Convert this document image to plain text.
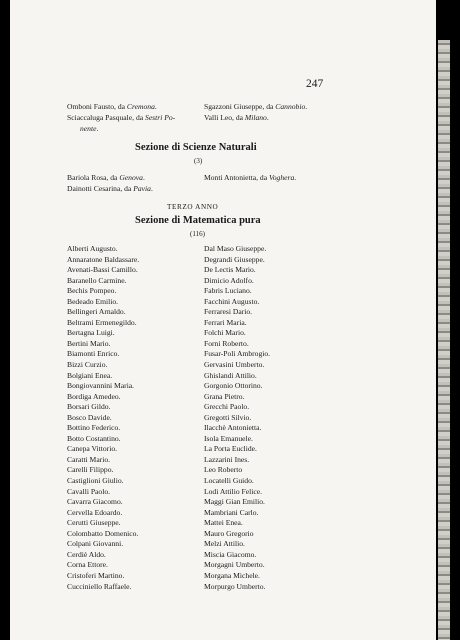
247
Omboni Fausto, da Cremona.
Sciaccaluga Pasquale, da Sestri Po-
nente.
Sgazzoni Giuseppe, da Cannobio.
Valli Leo, da Milano.
Sezione di Scienze Naturali
(3)
Bariola Rosa, da Genova.
Dainotti Cesarina, da Pavia.
Monti Antonietta, da Voghera.
TERZO ANNO
Sezione di Matematica pura
(116)
Alberti Augusto.
Annaratone Baldassare.
Avenati-Bassi Camillo.
Baranello Carmine.
Bechis Pompeo.
Bedeado Emilio.
Bellingeri Arnaldo.
Beltrami Ermenegildo.
Bertagna Luigi.
Bertini Mario.
Biamonti Enrico.
Bizzi Curzio.
Bolgiani Enea.
Bongiovannini Maria.
Bordiga Amedeo.
Borsari Gildo.
Bosco Davide.
Bottino Federico.
Botto Costantino.
Canepa Vittorio.
Caratti Mario.
Carelli Filippo.
Castiglioni Giulio.
Cavalli Paolo.
Cavarra Giacomo.
Cervella Edoardo.
Cerutti Giuseppe.
Colombatto Domenico.
Colpani Giovanni.
Cerdiè Aldo.
Corna Ettore.
Cristoferi Martino.
Cucciniello Raffaele.
Dal Maso Giuseppe.
Degrandi Giuseppe.
De Lectis Mario.
Dimicio Adolfo.
Fabris Luciano.
Facchini Augusto.
Ferraresi Dario.
Ferrari Maria.
Folchi Mario.
Forni Roberto.
Fusar-Poli Ambrogio.
Gervasini Umberto.
Ghislandi Attilio.
Gorgonio Ottorino.
Grana Pietro.
Grecchi Paolo.
Gregotti Silvio.
Ilacchè Antonietta.
Isola Emanuele.
La Porta Euclide.
Lazzarini Ines.
Leo Roberto
Locatelli Guido.
Lodi Attilio Felice.
Maggi Gian Emilio.
Mambriani Carlo.
Mattei Enea.
Mauro Gregorio
Melzi Attilio.
Miscia Giacomo.
Morgagni Umberto.
Morgana Michele.
Morpurgo Umberto.
